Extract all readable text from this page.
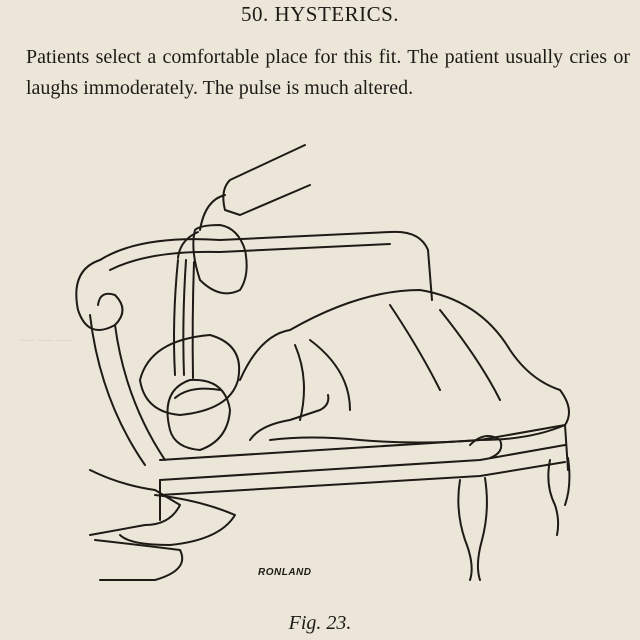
― ― ―
50. HYSTERICS.

Patients select a comfortable place for this fit. The patient usually cries or laughs immoderately. The pulse is much altered.

RONLAND
Fig. 23.
